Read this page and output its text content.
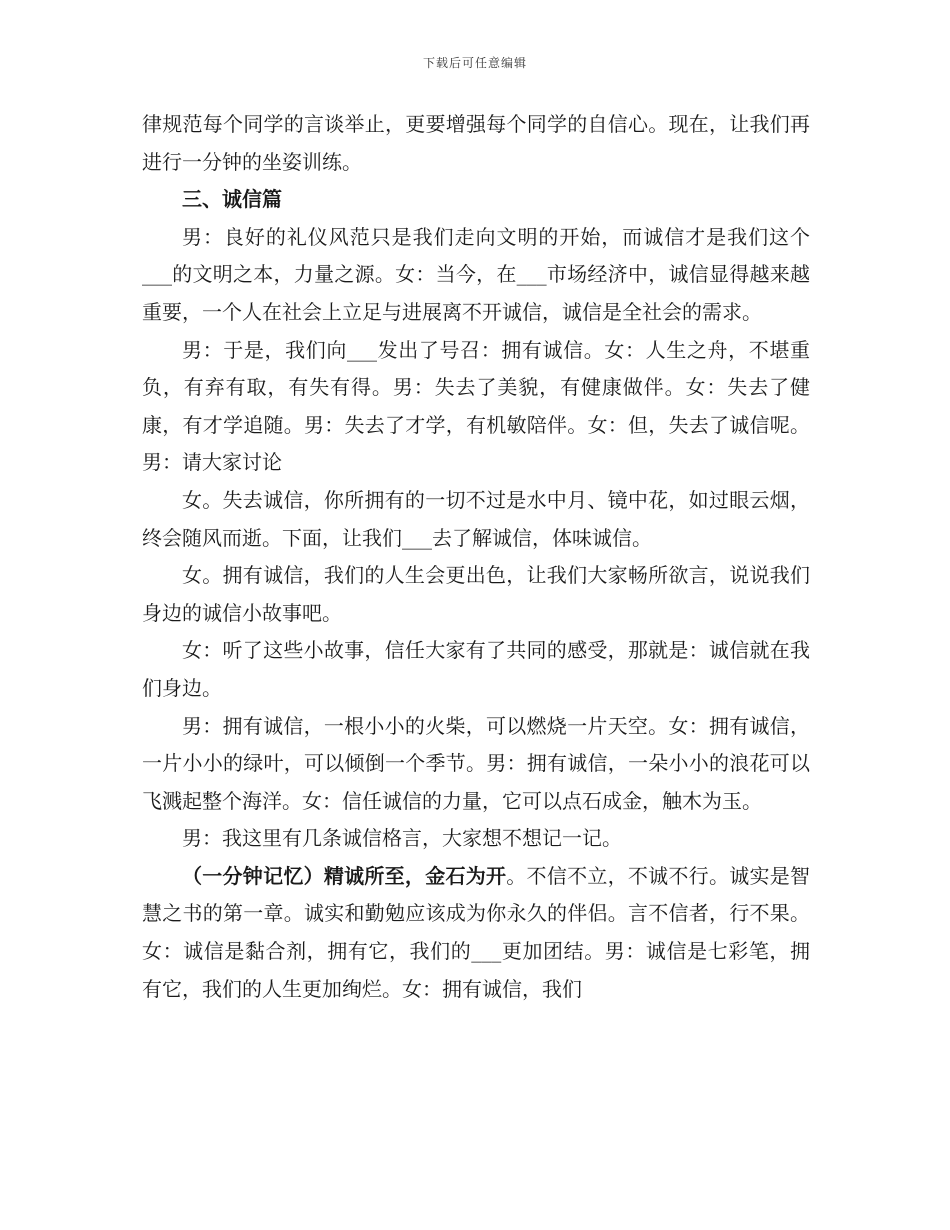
下载后可任意编辑

律规范每个同学的言谈举止，更要增强每个同学的自信心。现在，让我们再进行一分钟的坐姿训练。

三、诚信篇

男：良好的礼仪风范只是我们走向文明的开始，而诚信才是我们这个___的文明之本，力量之源。女：当今，在___市场经济中，诚信显得越来越重要，一个人在社会上立足与进展离不开诚信，诚信是全社会的需求。

男：于是，我们向___发出了号召：拥有诚信。女：人生之舟，不堪重负，有弃有取，有失有得。男：失去了美貌，有健康做伴。女：失去了健康，有才学追随。男：失去了才学，有机敏陪伴。女：但，失去了诚信呢。男：请大家讨论

女。失去诚信，你所拥有的一切不过是水中月、镜中花，如过眼云烟，终会随风而逝。下面，让我们___去了解诚信，体味诚信。

女。拥有诚信，我们的人生会更出色，让我们大家畅所欲言，说说我们身边的诚信小故事吧。

女：听了这些小故事，信任大家有了共同的感受，那就是：诚信就在我们身边。

男：拥有诚信，一根小小的火柴，可以燃烧一片天空。女：拥有诚信，一片小小的绿叶，可以倾倒一个季节。男：拥有诚信，一朵小小的浪花可以飞溅起整个海洋。女：信任诚信的力量，它可以点石成金，触木为玉。

男：我这里有几条诚信格言，大家想不想记一记。

（一分钟记忆）精诚所至，金石为开。不信不立，不诚不行。诚实是智慧之书的第一章。诚实和勤勉应该成为你永久的伴侣。言不信者，行不果。女：诚信是黏合剂，拥有它，我们的___更加团结。男：诚信是七彩笔，拥有它，我们的人生更加绚烂。女：拥有诚信，我们
